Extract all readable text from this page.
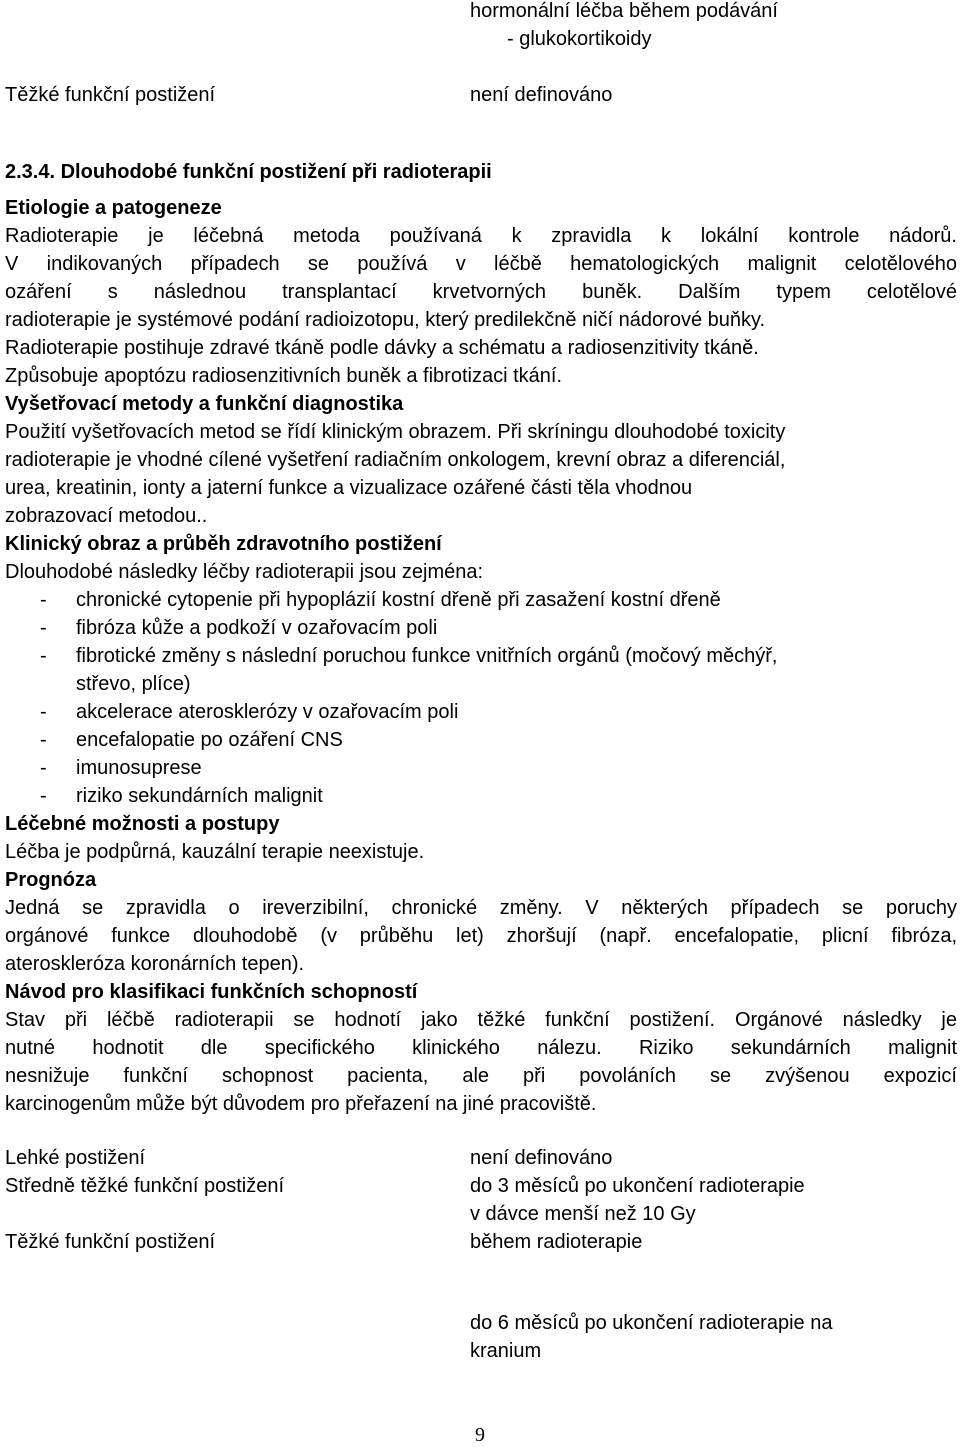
hormonální léčba během podávání
- glukokortikoidy
Těžké funkční postižení	není definováno
2.3.4. Dlouhodobé funkční postižení při radioterapii
Etiologie a patogeneze
Radioterapie je léčebná metoda používaná k zpravidla k lokální kontrole nádorů.
V indikovaných případech se používá v léčbě hematologických malignit celotělového
ozáření s následnou transplantací krvetvorných buněk. Dalším typem celotělové
radioterapie je systémové podání radioizotopu, který predilekčně ničí nádorové buňky.
Radioterapie postihuje zdravé tkáně podle dávky a schématu a radiosenzitivity tkáně.
Způsobuje apoptózu radiosenzitivních buněk a fibrotizaci tkání.
Vyšetřovací metody a funkční diagnostika
Použití vyšetřovacích metod se řídí klinickým obrazem. Při skríningu dlouhodobé toxicity
radioterapie je vhodné cílené vyšetření radiačním onkologem, krevní obraz a diferenciál,
urea, kreatinin, ionty a jaterní funkce a vizualizace ozářené části těla vhodnou
zobrazovací metodou..
Klinický obraz a průběh zdravotního postižení
Dlouhodobé následky léčby radioterapii jsou zejména:
- chronické cytopenie při hypoplázií kostní dřeně při zasažení kostní dřeně
- fibróza kůže a podkoží v ozařovacím poli
- fibrotické změny s následní poruchou funkce vnitřních orgánů (močový měchýř,
střevo, plíce)
- akcelerace aterosklerózy v ozařovacím poli
- encefalopatie po ozáření CNS
- imunosuprese
- riziko sekundárních malignit
Léčebné možnosti a postupy
Léčba je podpůrná, kauzální terapie neexistuje.
Prognóza
Jedná se zpravidla o ireverzibilní, chronické změny. V některých případech se poruchy
orgánové funkce dlouhodobě (v průběhu let) zhoršují (např. encefalopatie, plicní fibróza,
ateroskleróza koronárních tepen).
Návod pro klasifikaci funkčních schopností
Stav při léčbě radioterapii se hodnotí jako těžké funkční postižení. Orgánové následky je
nutné hodnotit dle specifického klinického nálezu. Riziko sekundárních malignit
nesnižuje funkční schopnost pacienta, ale při povoláních se zvýšenou expozicí
karcinogenům může být důvodem pro přeřazení na jiné pracoviště.
Lehké postižení	není definováno
Středně těžké funkční postižení	do 3 měsíců po ukončení radioterapie
v dávce menší než 10 Gy
Těžké funkční postižení	během radioterapie
do 6 měsíců po ukončení radioterapie na
kranium
9
